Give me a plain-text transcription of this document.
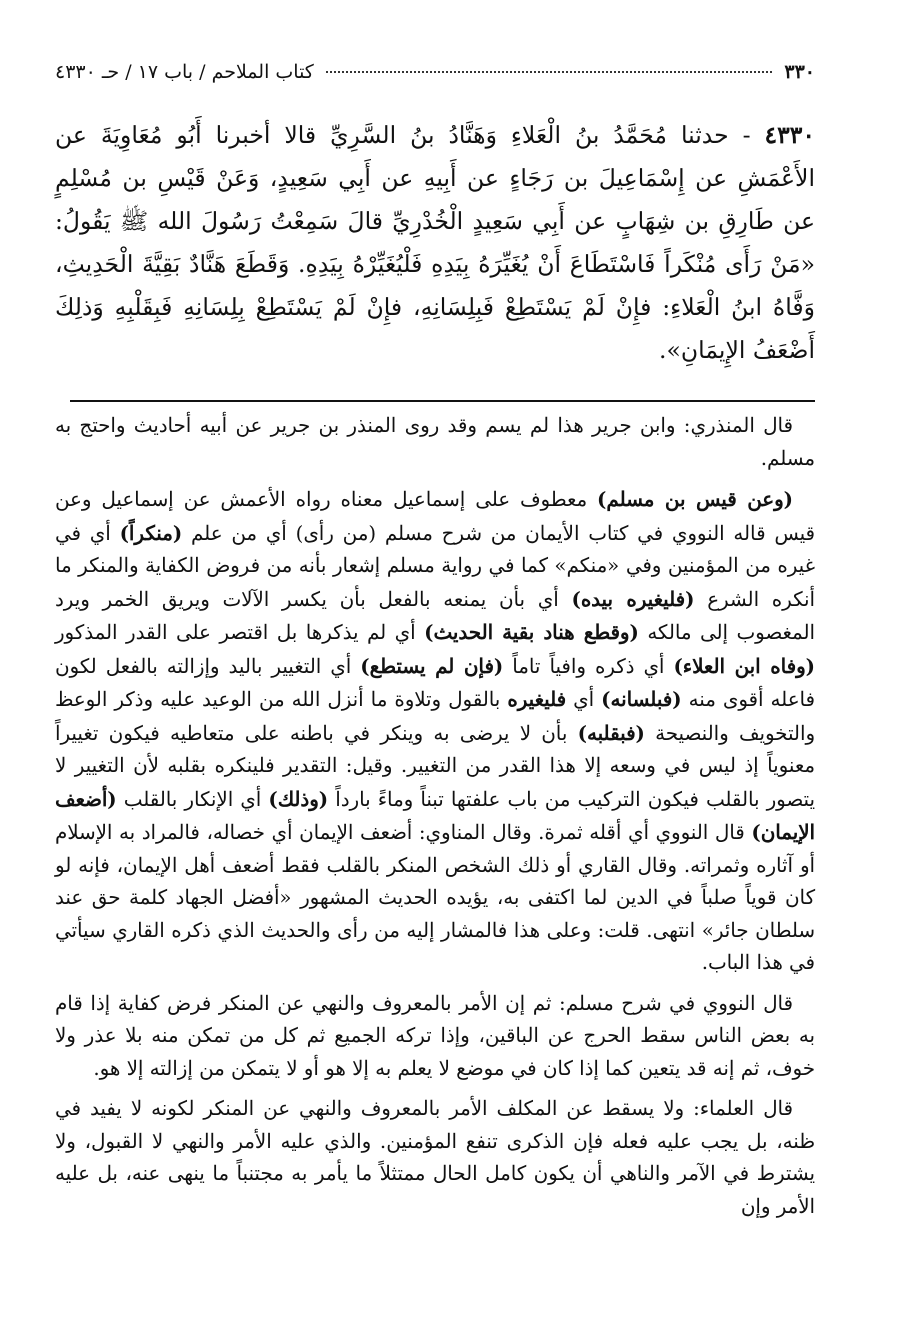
٣٣٠
كتاب الملاحم / باب ١٧ / حـ ٤٣٣٠
٤٣٣٠ - حدثنا مُحَمَّدُ بنُ الْعَلاءِ وَهَنَّادُ بنُ السَّرِيِّ قالا أخبرنا أَبُو مُعَاوِيَةَ عن الأَعْمَشِ عن إِسْمَاعِيلَ بن رَجَاءٍ عن أَبِيهِ عن أَبِي سَعِيدٍ، وَعَنْ قَيْسِ بن مُسْلِمٍ عن طَارِقِ بن شِهَابٍ عن أَبِي سَعِيدٍ الْخُدْرِيِّ قالَ سَمِعْتُ رَسُولَ الله ﷺ يَقُولُ: «مَنْ رَأَى مُنْكَراً فَاسْتَطَاعَ أَنْ يُغَيِّرَهُ بِيَدِهِ فَلْيُغَيِّرْهُ بِيَدِهِ. وَقَطَعَ هَنَّادٌ بَقِيَّةَ الْحَدِيثِ، وَفَّاهُ ابنُ الْعَلاءِ: فإِنْ لَمْ يَسْتَطِعْ فَبِلِسَانِهِ، فإِنْ لَمْ يَسْتَطِعْ بِلِسَانِهِ فَبِقَلْبِهِ وَذلِكَ أَضْعَفُ الإِيمَانِ».

قال المنذري: وابن جرير هذا لم يسم وقد روى المنذر بن جرير عن أبيه أحاديث واحتج به مسلم.

(وعن قيس بن مسلم) معطوف على إسماعيل معناه رواه الأعمش عن إسماعيل وعن قيس قاله النووي في كتاب الأيمان من شرح مسلم (من رأى) أي من علم (منكراً) أي في غيره من المؤمنين وفي «منكم» كما في رواية مسلم إشعار بأنه من فروض الكفاية والمنكر ما أنكره الشرع (فليغيره بيده) أي بأن يمنعه بالفعل بأن يكسر الآلات ويريق الخمر ويرد المغصوب إلى مالكه (وقطع هناد بقية الحديث) أي لم يذكرها بل اقتصر على القدر المذكور (وفاه ابن العلاء) أي ذكره وافياً تاماً (فإن لم يستطع) أي التغيير باليد وإزالته بالفعل لكون فاعله أقوى منه (فبلسانه) أي فليغيره بالقول وتلاوة ما أنزل الله من الوعيد عليه وذكر الوعظ والتخويف والنصيحة (فبقلبه) بأن لا يرضى به وينكر في باطنه على متعاطيه فيكون تغييراً معنوياً إذ ليس في وسعه إلا هذا القدر من التغيير. وقيل: التقدير فلينكره بقلبه لأن التغيير لا يتصور بالقلب فيكون التركيب من باب علفتها تبناً وماءً بارداً (وذلك) أي الإنكار بالقلب (أضعف الإيمان) قال النووي أي أقله ثمرة. وقال المناوي: أضعف الإيمان أي خصاله، فالمراد به الإسلام أو آثاره وثمراته. وقال القاري أو ذلك الشخص المنكر بالقلب فقط أضعف أهل الإيمان، فإنه لو كان قوياً صلباً في الدين لما اكتفى به، يؤيده الحديث المشهور «أفضل الجهاد كلمة حق عند سلطان جائر» انتهى. قلت: وعلى هذا فالمشار إليه من رأى والحديث الذي ذكره القاري سيأتي في هذا الباب.

قال النووي في شرح مسلم: ثم إن الأمر بالمعروف والنهي عن المنكر فرض كفاية إذا قام به بعض الناس سقط الحرج عن الباقين، وإذا تركه الجميع ثم كل من تمكن منه بلا عذر ولا خوف، ثم إنه قد يتعين كما إذا كان في موضع لا يعلم به إلا هو أو لا يتمكن من إزالته إلا هو.

قال العلماء: ولا يسقط عن المكلف الأمر بالمعروف والنهي عن المنكر لكونه لا يفيد في ظنه، بل يجب عليه فعله فإن الذكرى تنفع المؤمنين. والذي عليه الأمر والنهي لا القبول، ولا يشترط في الآمر والناهي أن يكون كامل الحال ممتثلاً ما يأمر به مجتنباً ما ينهى عنه، بل عليه الأمر وإن
